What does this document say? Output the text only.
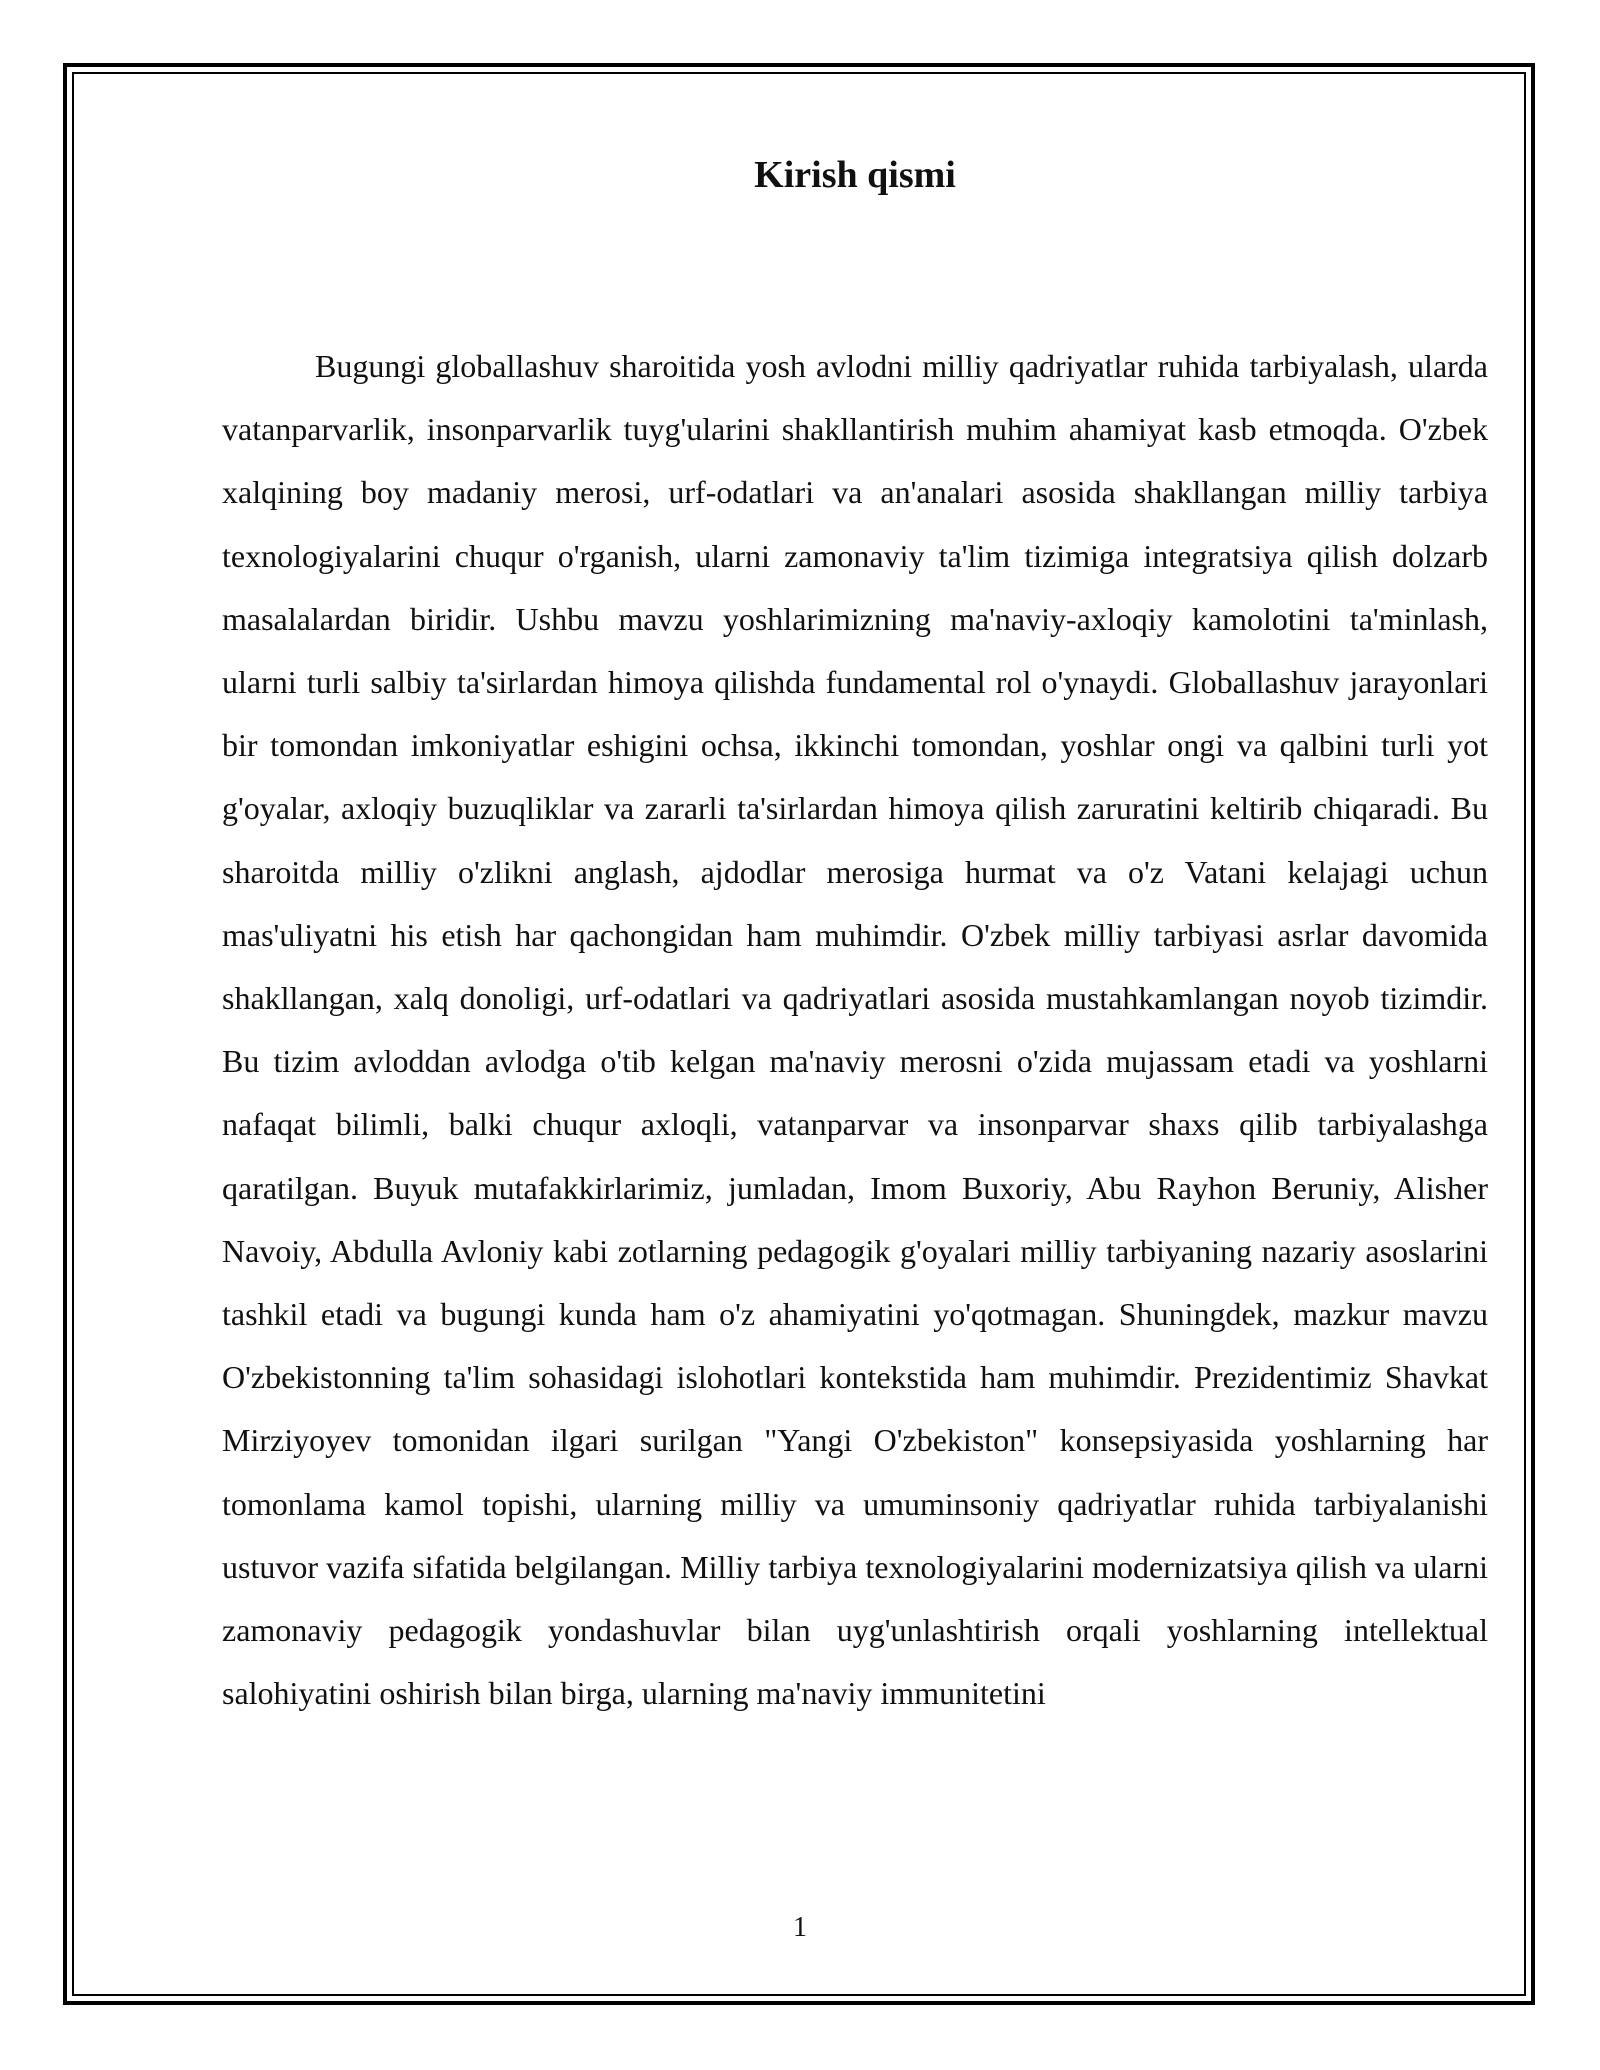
Kirish qismi

Bugungi globallashuv sharoitida yosh avlodni milliy qadriyatlar ruhida tarbiyalash, ularda vatanparvarlik, insonparvarlik tuyg'ularini shakllantirish muhim ahamiyat kasb etmoqda. O'zbek xalqining boy madaniy merosi, urf-odatlari va an'analari asosida shakllangan milliy tarbiya texnologiyalarini chuqur o'rganish, ularni zamonaviy ta'lim tizimiga integratsiya qilish dolzarb masalalardan biridir. Ushbu mavzu yoshlarimizning ma'naviy-axloqiy kamolotini ta'minlash, ularni turli salbiy ta'sirlardan himoya qilishda fundamental rol o'ynaydi. Globallashuv jarayonlari bir tomondan imkoniyatlar eshigini ochsa, ikkinchi tomondan, yoshlar ongi va qalbini turli yot g'oyalar, axloqiy buzuqliklar va zararli ta'sirlardan himoya qilish zaruratini keltirib chiqaradi. Bu sharoitda milliy o'zlikni anglash, ajdodlar merosiga hurmat va o'z Vatani kelajagi uchun mas'uliyatni his etish har qachongidan ham muhimdir. O'zbek milliy tarbiyasi asrlar davomida shakllangan, xalq donoligi, urf-odatlari va qadriyatlari asosida mustahkamlangan noyob tizimdir. Bu tizim avloddan avlodga o'tib kelgan ma'naviy merosni o'zida mujassam etadi va yoshlarni nafaqat bilimli, balki chuqur axloqli, vatanparvar va insonparvar shaxs qilib tarbiyalashga qaratilgan. Buyuk mutafakkirlarimiz, jumladan, Imom Buxoriy, Abu Rayhon Beruniy, Alisher Navoiy, Abdulla Avloniy kabi zotlarning pedagogik g'oyalari milliy tarbiyaning nazariy asoslarini tashkil etadi va bugungi kunda ham o'z ahamiyatini yo'qotmagan. Shuningdek, mazkur mavzu O'zbekistonning ta'lim sohasidagi islohotlari kontekstida ham muhimdir. Prezidentimiz Shavkat Mirziyoyev tomonidan ilgari surilgan "Yangi O'zbekiston" konsepsiyasida yoshlarning har tomonlama kamol topishi, ularning milliy va umuminsoniy qadriyatlar ruhida tarbiyalanishi ustuvor vazifa sifatida belgilangan. Milliy tarbiya texnologiyalarini modernizatsiya qilish va ularni zamonaviy pedagogik yondashuvlar bilan uyg'unlashtirish orqali yoshlarning intellektual salohiyatini oshirish bilan birga, ularning ma'naviy immunitetini

1
